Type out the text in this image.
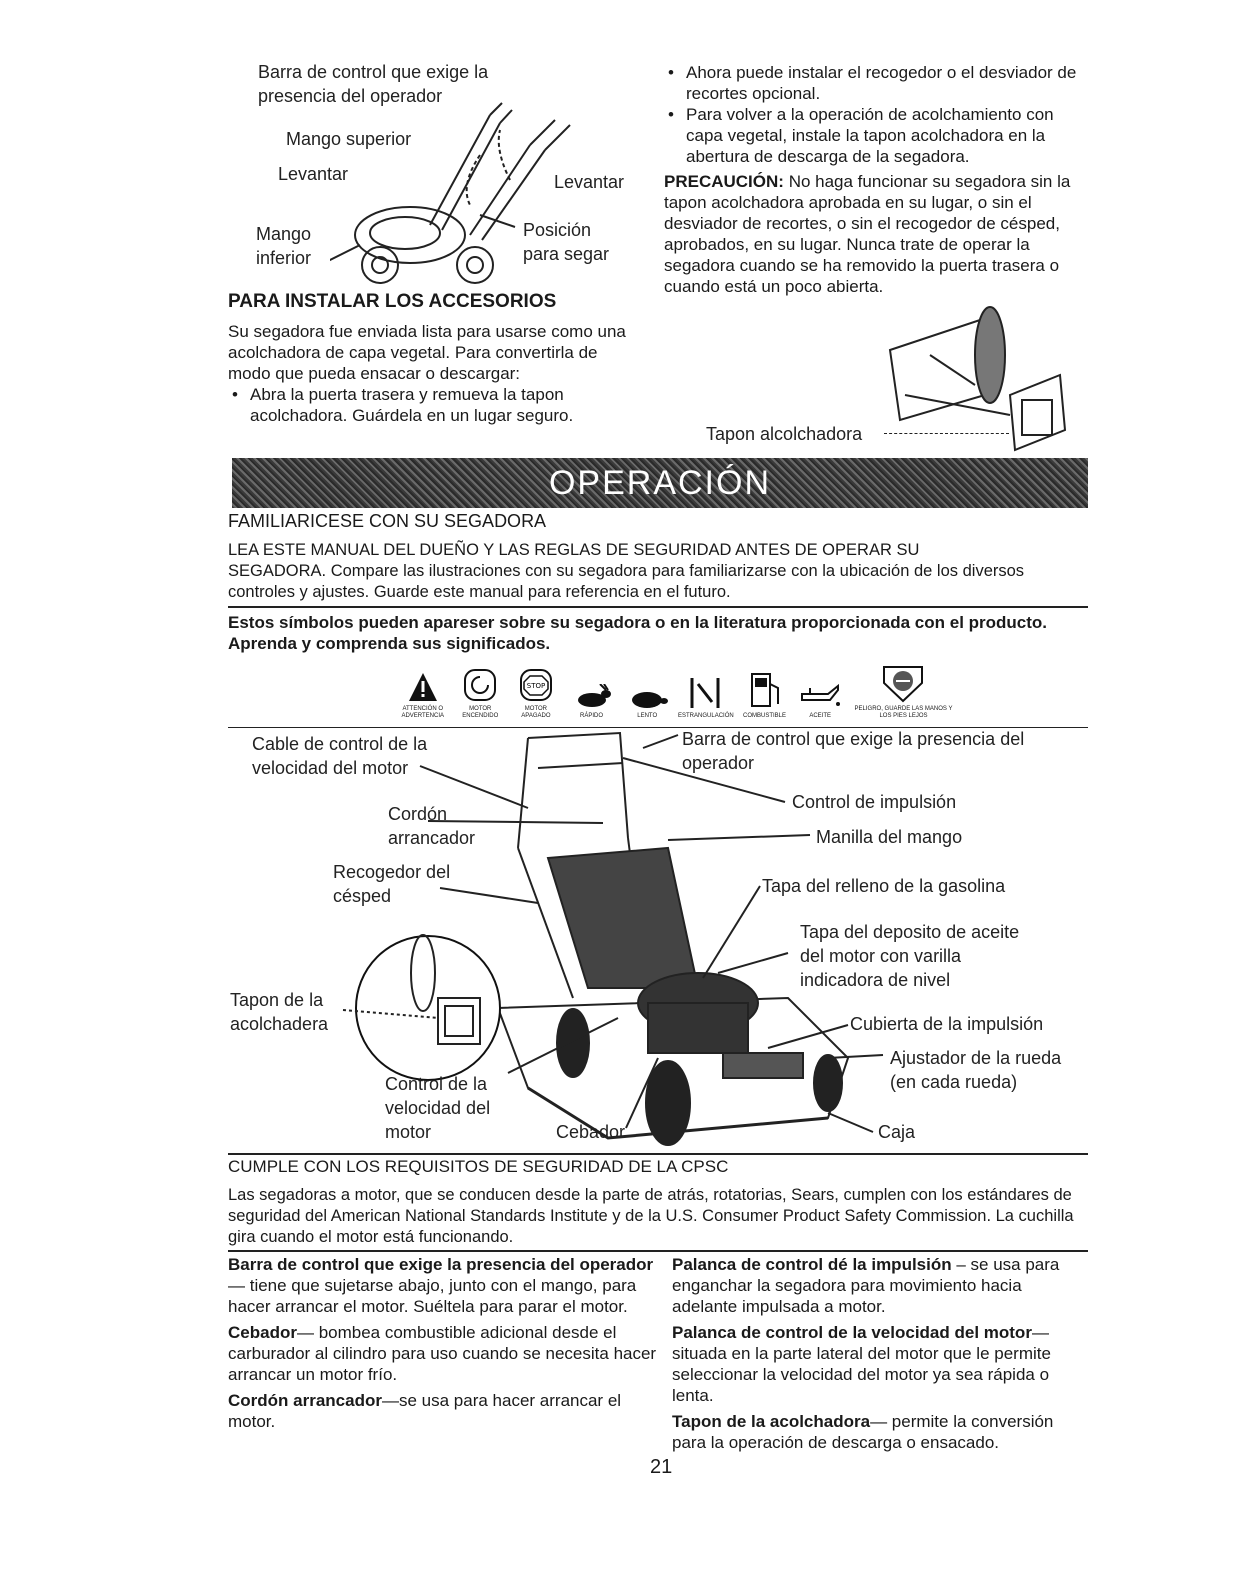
Barra de control que exige la presencia del operador
Mango superior
Levantar	Levantar
Mango inferior
Posición para segar
PARA INSTALAR LOS ACCESORIOS
Su segadora fue enviada lista para usarse como una acolchadora de capa vegetal. Para convertirla de modo que pueda ensacar o descargar:
• Abra la puerta trasera y remueva la tapon acolchadora. Guárdela en un lugar seguro.
• Ahora puede instalar el recogedor o el desviador de recortes opcional.
• Para volver a la operación de acolchamiento con capa vegetal, instale la tapon acolchadora en la abertura de descarga de la segadora.
PRECAUCIÓN: No haga funcionar su segadora sin la tapon acolchadora aprobada en su lugar, o sin el desviador de recortes, o sin el recogedor de césped, aprobados, en su lugar. Nunca trate de operar la segadora cuando se ha removido la puerta trasera o cuando está un poco abierta.
Tapon alcolchadora
OPERACIÓN
FAMILIARICESE CON SU SEGADORA
LEA ESTE MANUAL DEL DUEÑO Y LAS REGLAS DE SEGURIDAD ANTES DE OPERAR SU
SEGADORA. Compare las ilustraciones con su segadora para familiarizarse con la ubicación de los diversos controles y ajustes. Guarde este manual para referencia en el futuro.
Estos símbolos pueden apareser sobre su segadora o en la literatura proporcionada con el producto. Aprenda y comprenda sus significados.
ATTENCIÓN O ADVERTENCIA
MOTOR ENCENDIDO
STOP
MOTOR APAGADO	RÁPIDO	LENTO	ESTRANGULACIÓN	COMBUSTIBLE	ACEITE
PELIGRO, GUARDE LAS MANOS Y LOS PIES LEJOS
Cable de control de la velocidad del motor
Barra de control que exige la presencia del operador
Control de impulsión
Cordón arrancador	Manilla del mango
Recogedor del césped	Tapa del relleno de la gasolina
Tapa del deposito de aceite del motor con varilla indicadora de nivel
Tapon de la acolchadera	Cubierta de la impulsión
Ajustador de la rueda (en cada rueda)
Control de la velocidad del motor	Cebador	Caja
CUMPLE CON LOS REQUISITOS DE SEGURIDAD DE LA CPSC
Las segadoras a motor, que se conducen desde la parte de atrás, rotatorias, Sears, cumplen con los estándares de seguridad del American National Standards Institute y de la U.S. Consumer Product Safety Commission. La cuchilla gira cuando el motor está funcionando.
Barra de control que exige la presencia del operador— tiene que sujetarse abajo, junto con el mango, para hacer arrancar el motor. Suéltela para parar el motor.
Cebador— bombea combustible adicional desde el carburador al cilindro para uso cuando se necesita hacer arrancar un motor frío.
Cordón arrancador—se usa para hacer arrancar el motor.
Palanca de control dé la impulsión – se usa para enganchar la segadora para movimiento hacia adelante impulsada a motor.
Palanca de control de la velocidad del motor— situada en la parte lateral del motor que le permite seleccionar la velocidad del motor ya sea rápida o lenta.
Tapon de la acolchadora— permite la conversión para la operación de descarga o ensacado.
21
